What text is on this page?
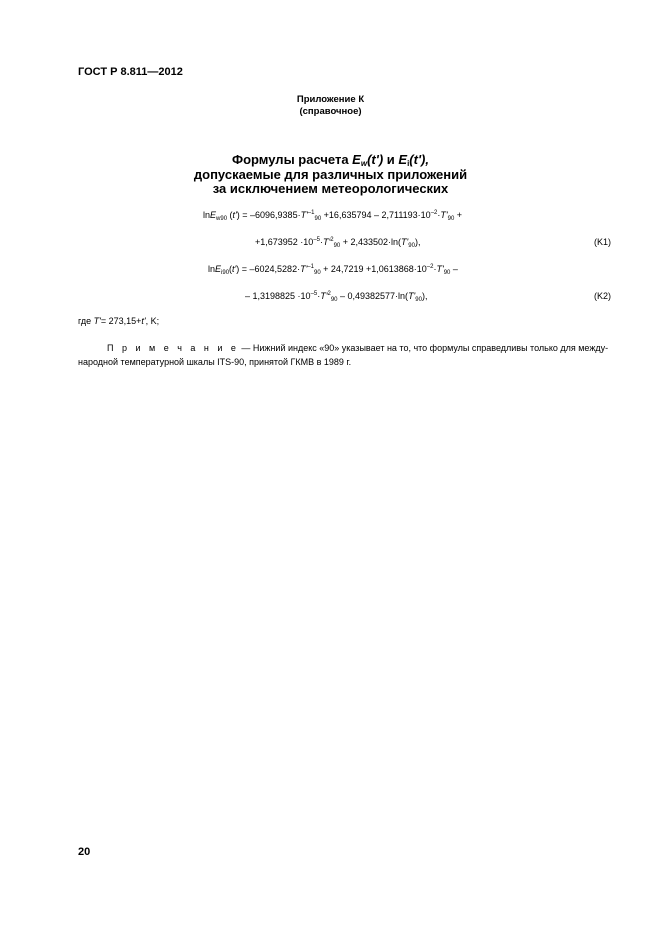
ГОСТ Р 8.811—2012
Приложение К
(справочное)
Формулы расчета $E_w(t')$ и $E_i(t')$,
допускаемые для различных приложений
за исключением метеорологических
lnE$_{w90}$ $(t') = -6096,9385\cdot T'^{-1}_{90} +16,635794 - 2,711193\cdot 10^{-2}\cdot T'_{90}$ +
$+1,673952 \cdot 10^{-5}\cdot T'^2_{90} + 2,433502\cdot\ln(T'_{90})$,	(K1)
$\ln E_{i90}(t') = -6024,5282\cdot T'^{-1}_{90} + 24,7219 +1,0613868\cdot 10^{-2}\cdot T'_{90}$ –
– $1,3198825 \cdot 10^{-5}\cdot T'^2_{90} - 0,49382577\cdot\ln(T'_{90})$,	(K2)
где T'= 273,15+t', K;
П р и м е ч а н и е — Нижний индекс «90» указывает на то, что формулы справедливы только для между-народной температурной шкалы ITS-90, принятой ГКМВ в 1989 г.
20
